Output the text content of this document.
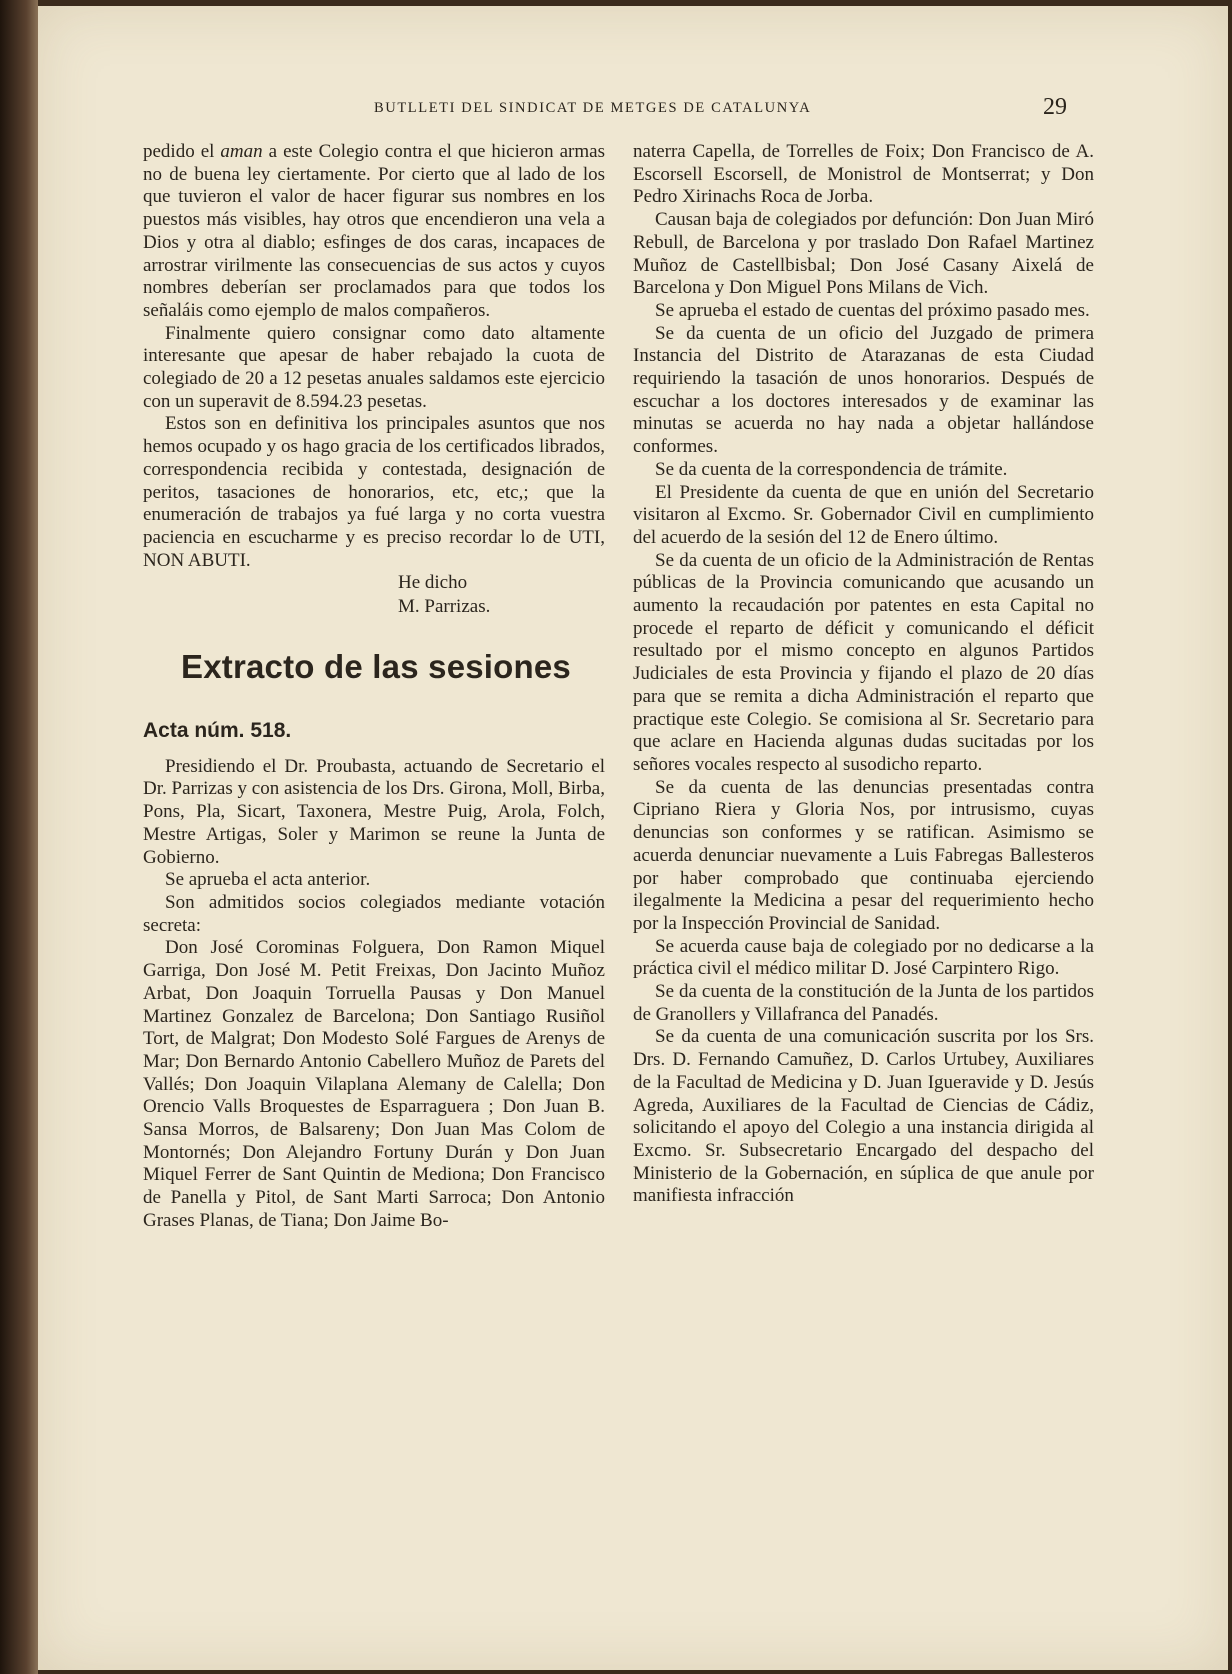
BUTLLETI DEL SINDICAT DE METGES DE CATALUNYA	29

pedido el aman a este Colegio contra el que hicieron armas no de buena ley ciertamente. Por cierto que al lado de los que tuvieron el valor de hacer figurar sus nombres en los puestos más visibles, hay otros que encendieron una vela a Dios y otra al diablo; esfinges de dos caras, incapaces de arrostrar virilmente las consecuencias de sus actos y cuyos nombres deberían ser proclamados para que todos los señaláis como ejemplo de malos compañeros.

Finalmente quiero consignar como dato altamente interesante que apesar de haber rebajado la cuota de colegiado de 20 a 12 pesetas anuales saldamos este ejercicio con un superavit de 8.594.23 pesetas.

Estos son en definitiva los principales asuntos que nos hemos ocupado y os hago gracia de los certificados librados, correspondencia recibida y contestada, designación de peritos, tasaciones de honorarios, etc, etc,; que la enumeración de trabajos ya fué larga y no corta vuestra paciencia en escucharme y es preciso recordar lo de UTI, NON ABUTI.

He dicho

M. Parrizas.

Extracto de las sesiones

Acta núm. 518.

Presidiendo el Dr. Proubasta, actuando de Secretario el Dr. Parrizas y con asistencia de los Drs. Girona, Moll, Birba, Pons, Pla, Sicart, Taxonera, Mestre Puig, Arola, Folch, Mestre Artigas, Soler y Marimon se reune la Junta de Gobierno.

Se aprueba el acta anterior.

Son admitidos socios colegiados mediante votación secreta:

Don José Corominas Folguera, Don Ramon Miquel Garriga, Don José M. Petit Freixas, Don Jacinto Muñoz Arbat, Don Joaquin Torruella Pausas y Don Manuel Martinez Gonzalez de Barcelona; Don Santiago Rusiñol Tort, de Malgrat; Don Modesto Solé Fargues de Arenys de Mar; Don Bernardo Antonio Cabellero Muñoz de Parets del Vallés; Don Joaquin Vilaplana Alemany de Calella; Don Orencio Valls Broquestes de Esparraguera ; Don Juan B. Sansa Morros, de Balsareny; Don Juan Mas Colom de Montornés; Don Alejandro Fortuny Durán y Don Juan Miquel Ferrer de Sant Quintin de Mediona; Don Francisco de Panella y Pitol, de Sant Marti Sarroca; Don Antonio Grases Planas, de Tiana; Don Jaime Bo-

naterra Capella, de Torrelles de Foix; Don Francisco de A. Escorsell Escorsell, de Monistrol de Montserrat; y Don Pedro Xirinachs Roca de Jorba.

Causan baja de colegiados por defunción: Don Juan Miró Rebull, de Barcelona y por traslado Don Rafael Martinez Muñoz de Castellbisbal; Don José Casany Aixelá de Barcelona y Don Miguel Pons Milans de Vich.

Se aprueba el estado de cuentas del próximo pasado mes.

Se da cuenta de un oficio del Juzgado de primera Instancia del Distrito de Atarazanas de esta Ciudad requiriendo la tasación de unos honorarios. Después de escuchar a los doctores interesados y de examinar las minutas se acuerda no hay nada a objetar hallándose conformes.

Se da cuenta de la correspondencia de trámite.

El Presidente da cuenta de que en unión del Secretario visitaron al Excmo. Sr. Gobernador Civil en cumplimiento del acuerdo de la sesión del 12 de Enero último.

Se da cuenta de un oficio de la Administración de Rentas públicas de la Provincia comunicando que acusando un aumento la recaudación por patentes en esta Capital no procede el reparto de déficit y comunicando el déficit resultado por el mismo concepto en algunos Partidos Judiciales de esta Provincia y fijando el plazo de 20 días para que se remita a dicha Administración el reparto que practique este Colegio. Se comisiona al Sr. Secretario para que aclare en Hacienda algunas dudas sucitadas por los señores vocales respecto al susodicho reparto.

Se da cuenta de las denuncias presentadas contra Cipriano Riera y Gloria Nos, por intrusismo, cuyas denuncias son conformes y se ratifican. Asimismo se acuerda denunciar nuevamente a Luis Fabregas Ballesteros por haber comprobado que continuaba ejerciendo ilegalmente la Medicina a pesar del requerimiento hecho por la Inspección Provincial de Sanidad.

Se acuerda cause baja de colegiado por no dedicarse a la práctica civil el médico militar D. José Carpintero Rigo.

Se da cuenta de la constitución de la Junta de los partidos de Granollers y Villafranca del Panadés.

Se da cuenta de una comunicación suscrita por los Srs. Drs. D. Fernando Camuñez, D. Carlos Urtubey, Auxiliares de la Facultad de Medicina y D. Juan Igueravide y D. Jesús Agreda, Auxiliares de la Facultad de Ciencias de Cádiz, solicitando el apoyo del Colegio a una instancia dirigida al Excmo. Sr. Subsecretario Encargado del despacho del Ministerio de la Gobernación, en súplica de que anule por manifiesta infracción
